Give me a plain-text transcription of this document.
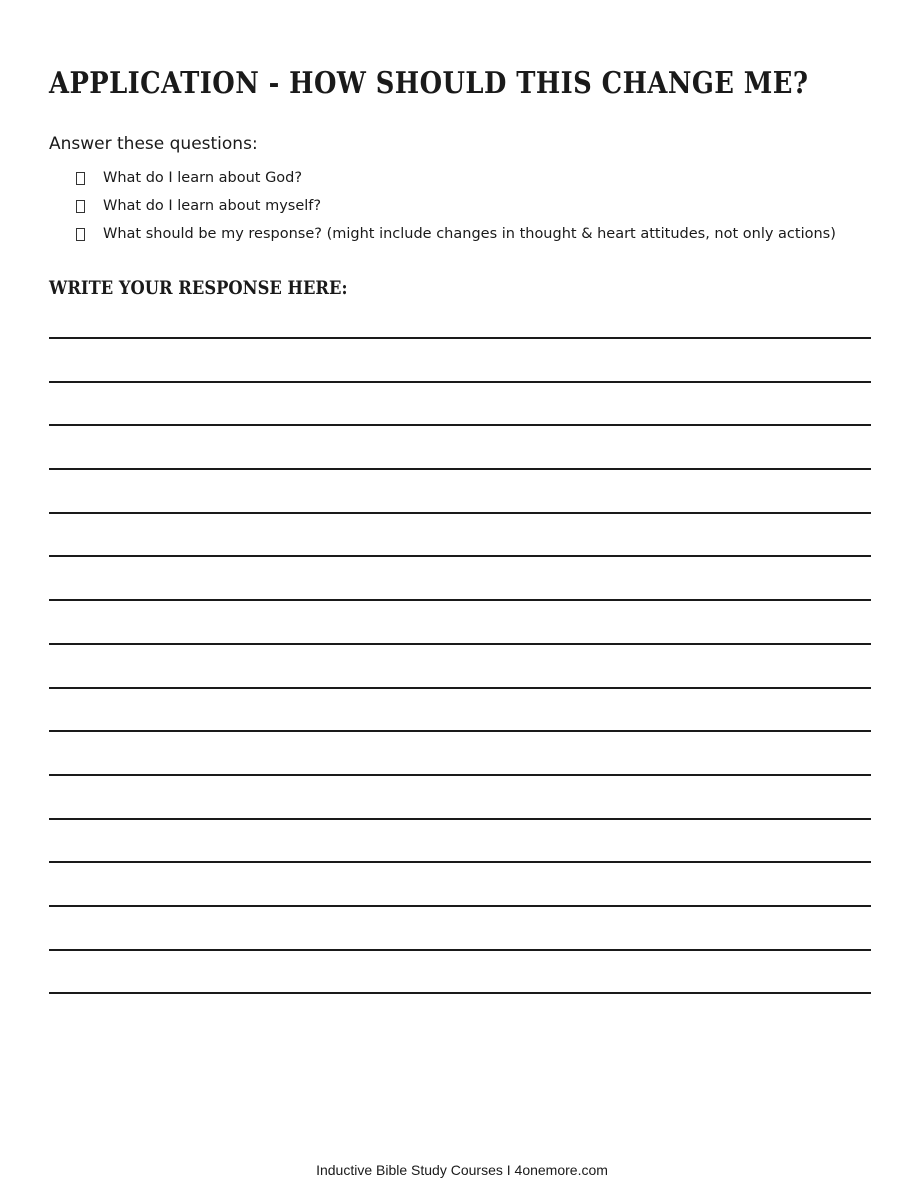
APPLICATION - HOW SHOULD THIS CHANGE ME?
Answer these questions:
What do I learn about God?
What do I learn about myself?
What should be my response? (might include changes in thought & heart attitudes, not only actions)
WRITE YOUR RESPONSE HERE:
Inductive Bible Study Courses I 4onemore.com
